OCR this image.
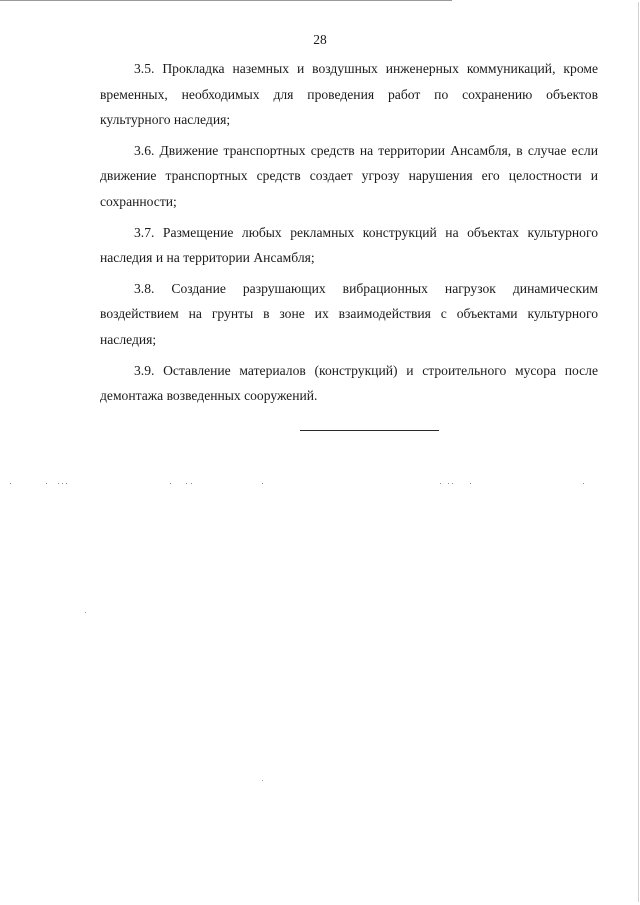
28

3.5. Прокладка наземных и воздушных инженерных коммуникаций, кроме временных, необходимых для проведения работ по сохранению объектов культурного наследия;

3.6. Движение транспортных средств на территории Ансамбля, в случае если движение транспортных средств создает угрозу нарушения его целостности и сохранности;

3.7. Размещение любых рекламных конструкций на объектах культурного наследия и на территории Ансамбля;

3.8. Создание разрушающих вибрационных нагрузок динамическим воздействием на грунты в зоне их взаимодействия с объектами культурного наследия;

3.9. Оставление материалов (конструкций) и строительного мусора после демонтажа возведенных сооружений.
